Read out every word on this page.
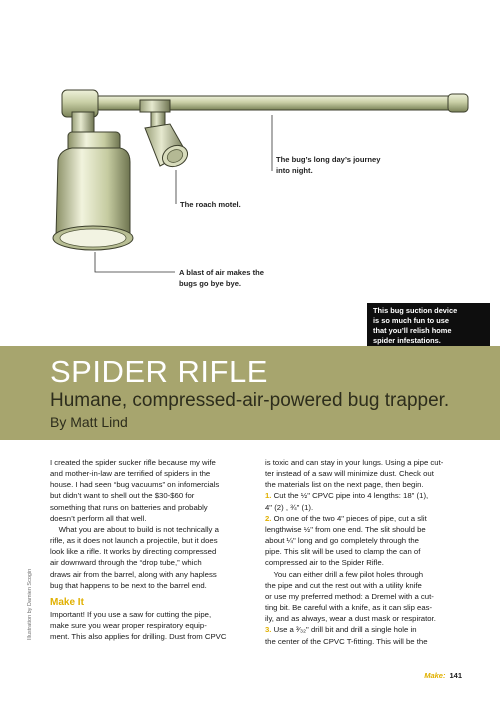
The roach motel.
The bug’s long day’s journey
into night.
A blast of air makes the
bugs go bye bye.
This bug suction device
is so much fun to use
that you’ll relish home
spider infestations.
SPIDER RIFLE
Humane, compressed-air-powered bug trapper.
By Matt Lind
Illustration by Damien Scogin
I created the spider sucker rifle because my wife
and mother-in-law are terrified of spiders in the
house. I had seen “bug vacuums” on infomercials
but didn’t want to shell out the $30-$60 for
something that runs on batteries and probably
doesn’t perform all that well.
What you are about to build is not technically a
rifle, as it does not launch a projectile, but it does
look like a rifle. It works by directing compressed
air downward through the “drop tube,” which
draws air from the barrel, along with any hapless
bug that happens to be next to the barrel end.
Make It
Important! If you use a saw for cutting the pipe,
make sure you wear proper respiratory equip-
ment. This also applies for drilling. Dust from CPVC
is toxic and can stay in your lungs. Using a pipe cut-
ter instead of a saw will minimize dust. Check out
the materials list on the next page, then begin.
1. Cut the ½" CPVC pipe into 4 lengths: 18" (1),
4" (2) , ¾" (1).
2. On one of the two 4" pieces of pipe, cut a slit
lengthwise ½" from one end. The slit should be
about ¼" long and go completely through the
pipe. This slit will be used to clamp the can of
compressed air to the Spider Rifle.
You can either drill a few pilot holes through
the pipe and cut the rest out with a utility knife
or use my preferred method: a Dremel with a cut-
ting bit. Be careful with a knife, as it can slip eas-
ily, and as always, wear a dust mask or respirator.
3. Use a ³⁄₃₂" drill bit and drill a single hole in
the center of the CPVC T-fitting. This will be the
Make: 141
